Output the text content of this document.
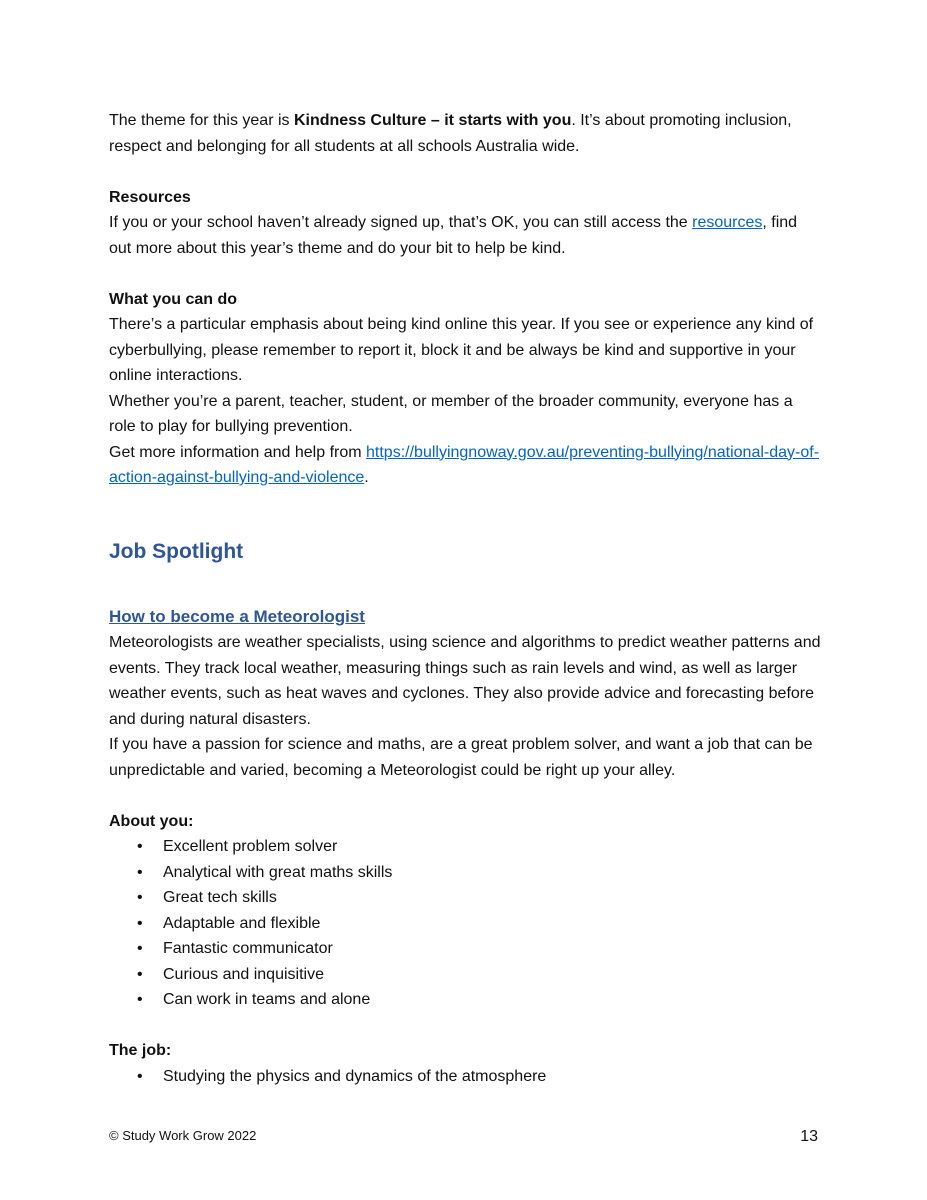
The theme for this year is Kindness Culture – it starts with you. It’s about promoting inclusion, respect and belonging for all students at all schools Australia wide.

Resources

If you or your school haven’t already signed up, that’s OK, you can still access the resources, find out more about this year’s theme and do your bit to help be kind.

What you can do

There’s a particular emphasis about being kind online this year. If you see or experience any kind of cyberbullying, please remember to report it, block it and be always be kind and supportive in your online interactions.

Whether you’re a parent, teacher, student, or member of the broader community, everyone has a role to play for bullying prevention.

Get more information and help from https://bullyingnoway.gov.au/preventing-bullying/national-day-of-action-against-bullying-and-violence.

Job Spotlight
How to become a Meteorologist

Meteorologists are weather specialists, using science and algorithms to predict weather patterns and events. They track local weather, measuring things such as rain levels and wind, as well as larger weather events, such as heat waves and cyclones. They also provide advice and forecasting before and during natural disasters.

If you have a passion for science and maths, are a great problem solver, and want a job that can be unpredictable and varied, becoming a Meteorologist could be right up your alley.

About you:

• Excellent problem solver
• Analytical with great maths skills
• Great tech skills
• Adaptable and flexible
• Fantastic communicator
• Curious and inquisitive
• Can work in teams and alone

The job:

• Studying the physics and dynamics of the atmosphere
© Study Work Grow 2022	13
